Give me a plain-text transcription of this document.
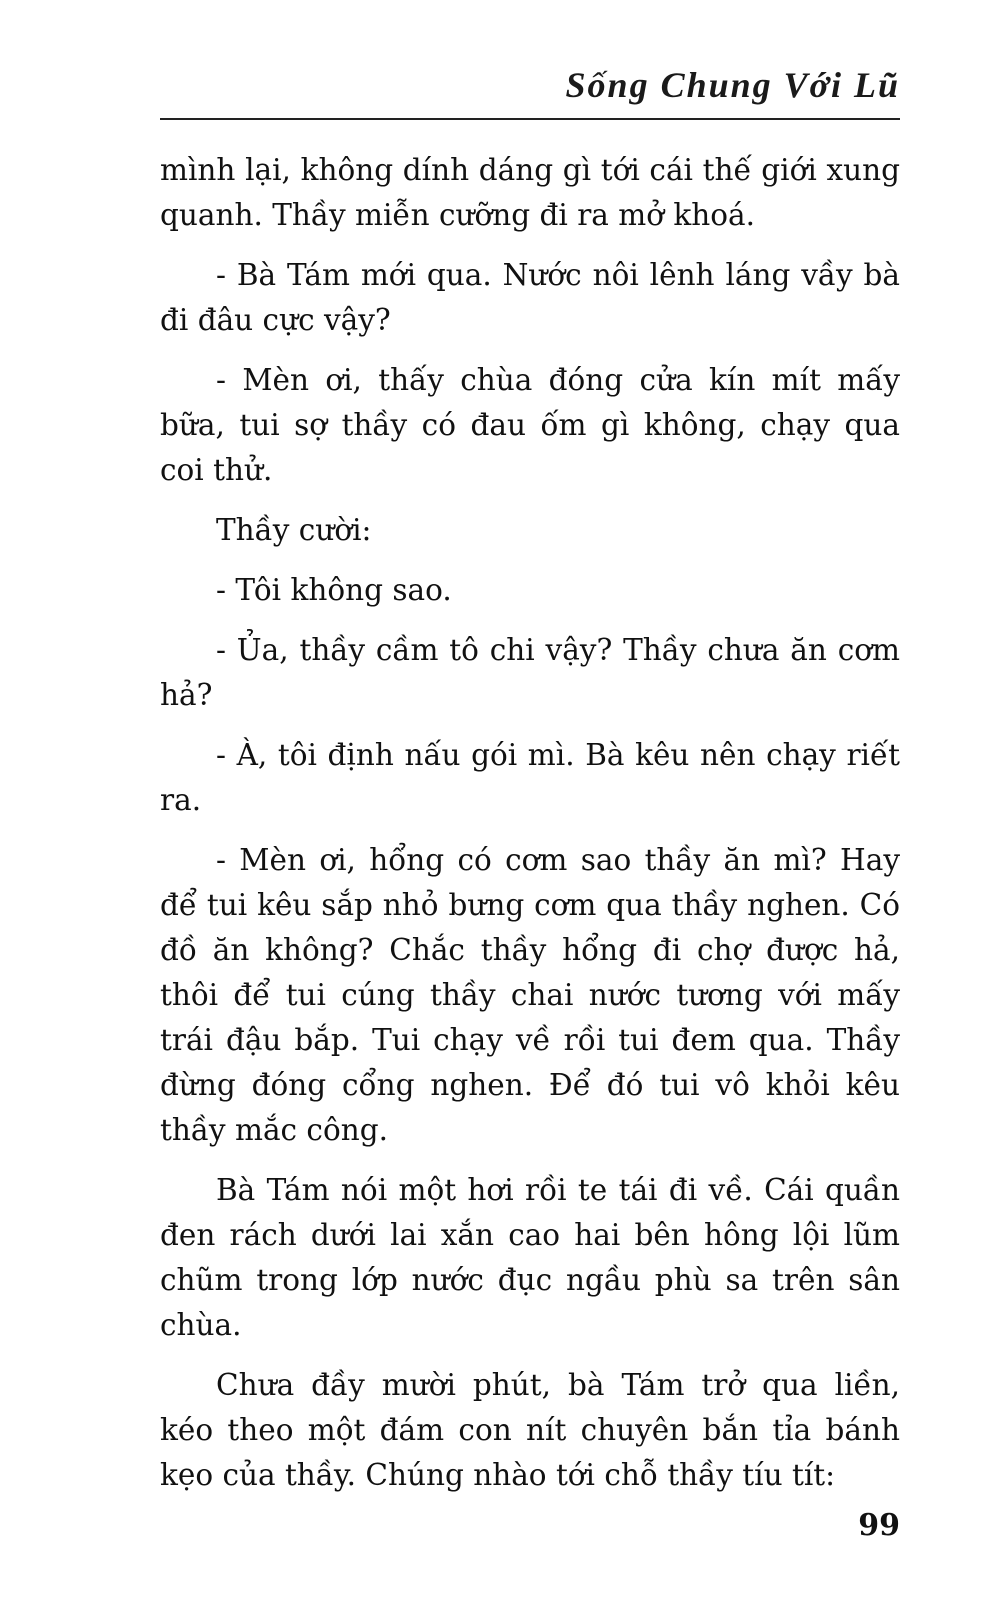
Sống Chung Với Lũ

mình lại, không dính dáng gì tới cái thế giới xung quanh. Thầy miễn cưỡng đi ra mở khoá.

- Bà Tám mới qua. Nước nôi lênh láng vầy bà đi đâu cực vậy?

- Mèn ơi, thấy chùa đóng cửa kín mít mấy bữa, tui sợ thầy có đau ốm gì không, chạy qua coi thử.

Thầy cười:

- Tôi không sao.

- Ủa, thầy cầm tô chi vậy? Thầy chưa ăn cơm hả?

- À, tôi định nấu gói mì. Bà kêu nên chạy riết ra.

- Mèn ơi, hổng có cơm sao thầy ăn mì? Hay để tui kêu sắp nhỏ bưng cơm qua thầy nghen. Có đồ ăn không? Chắc thầy hổng đi chợ được hả, thôi để tui cúng thầy chai nước tương với mấy trái đậu bắp. Tui chạy về rồi tui đem qua. Thầy đừng đóng cổng nghen. Để đó tui vô khỏi kêu thầy mắc công.

Bà Tám nói một hơi rồi te tái đi về. Cái quần đen rách dưới lai xắn cao hai bên hông lội lũm chũm trong lớp nước đục ngầu phù sa trên sân chùa.

Chưa đầy mười phút, bà Tám trở qua liền, kéo theo một đám con nít chuyên bắn tỉa bánh kẹo của thầy. Chúng nhào tới chỗ thầy tíu tít:

99
